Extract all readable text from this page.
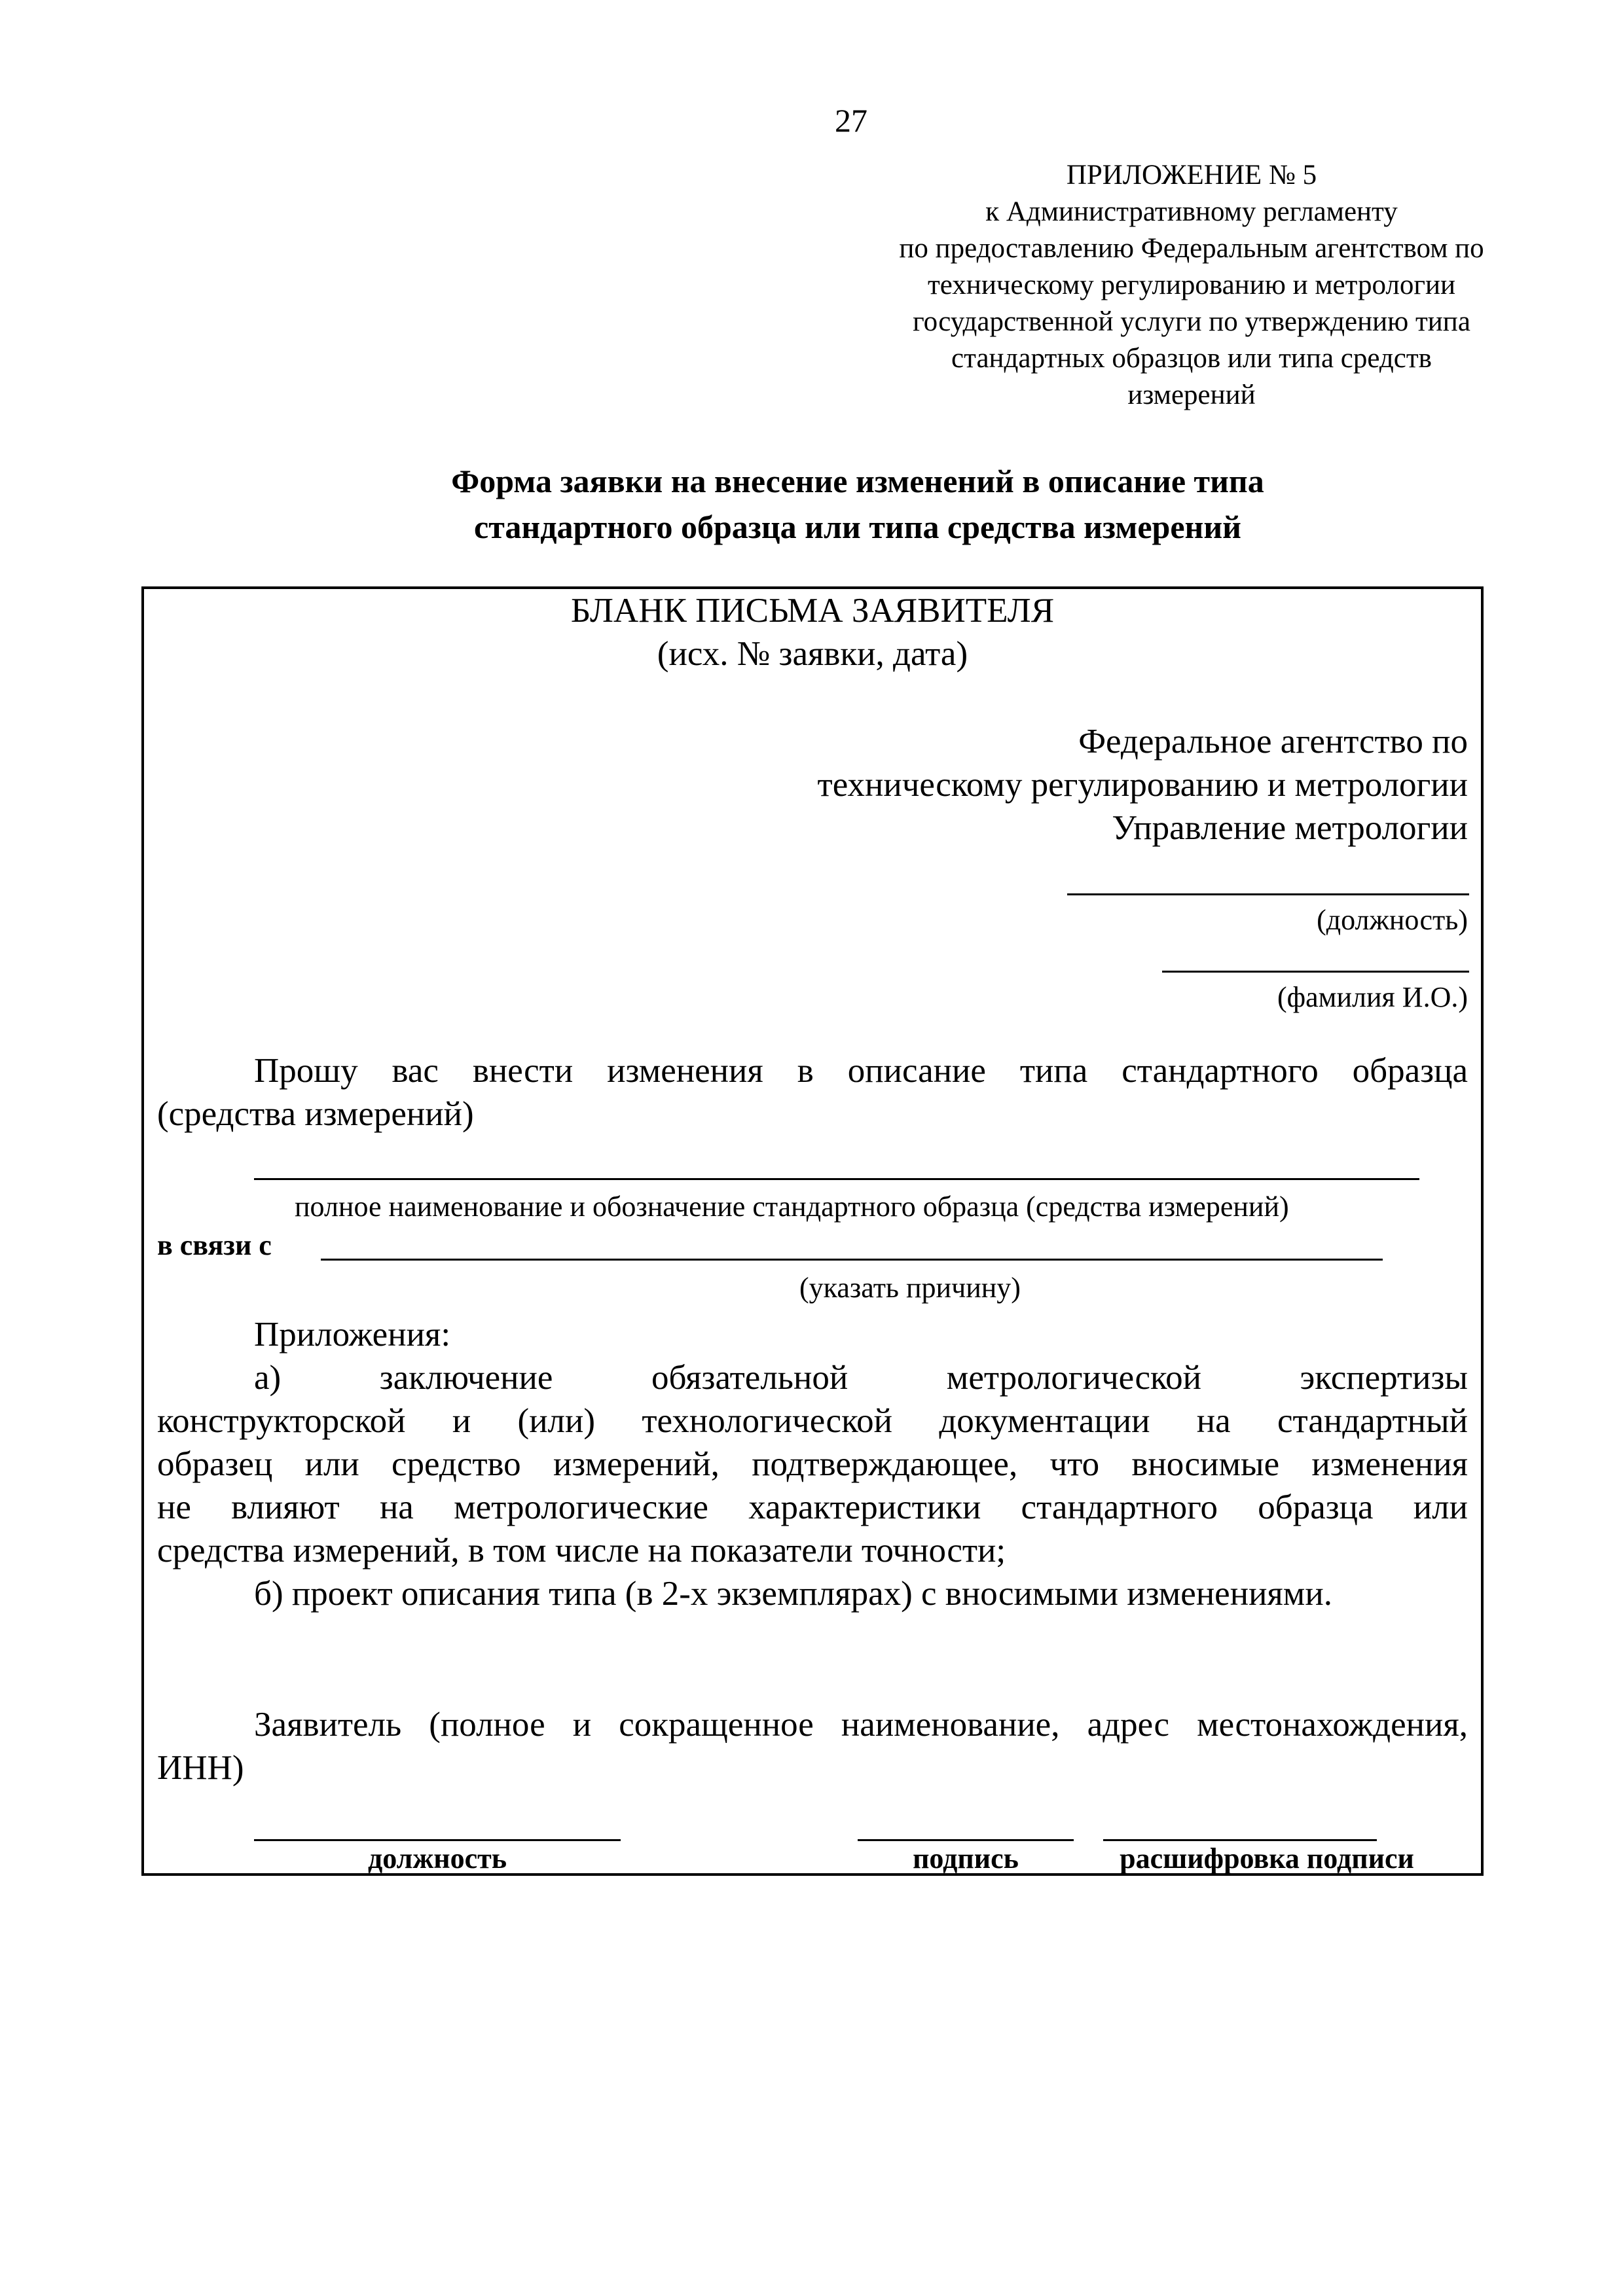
27
ПРИЛОЖЕНИЕ № 5
к Административному регламенту
по предоставлению Федеральным агентством по
техническому регулированию и метрологии
государственной услуги по утверждению типа
стандартных образцов или типа средств
измерений
Форма заявки на внесение изменений в описание типа
стандартного образца или типа средства измерений
БЛАНК ПИСЬМА ЗАЯВИТЕЛЯ
(исх. № заявки, дата)
Федеральное агентство по
техническому регулированию и метрологии
Управление метрологии
(должность)
(фамилия И.О.)
Прошу вас внести изменения в описание типа стандартного образца
(средства измерений)
полное наименование и обозначение стандартного образца (средства измерений)
в связи с
(указать причину)
Приложения:
а) заключение обязательной метрологической экспертизы
конструкторской и (или) технологической документации на стандартный
образец или средство измерений, подтверждающее, что вносимые изменения
не влияют на метрологические характеристики стандартного образца или
средства измерений, в том числе на показатели точности;
б) проект описания типа (в 2-х экземплярах) с вносимыми изменениями.
Заявитель (полное и сокращенное наименование, адрес местонахождения,
ИНН)
должность	подпись	расшифровка подписи
